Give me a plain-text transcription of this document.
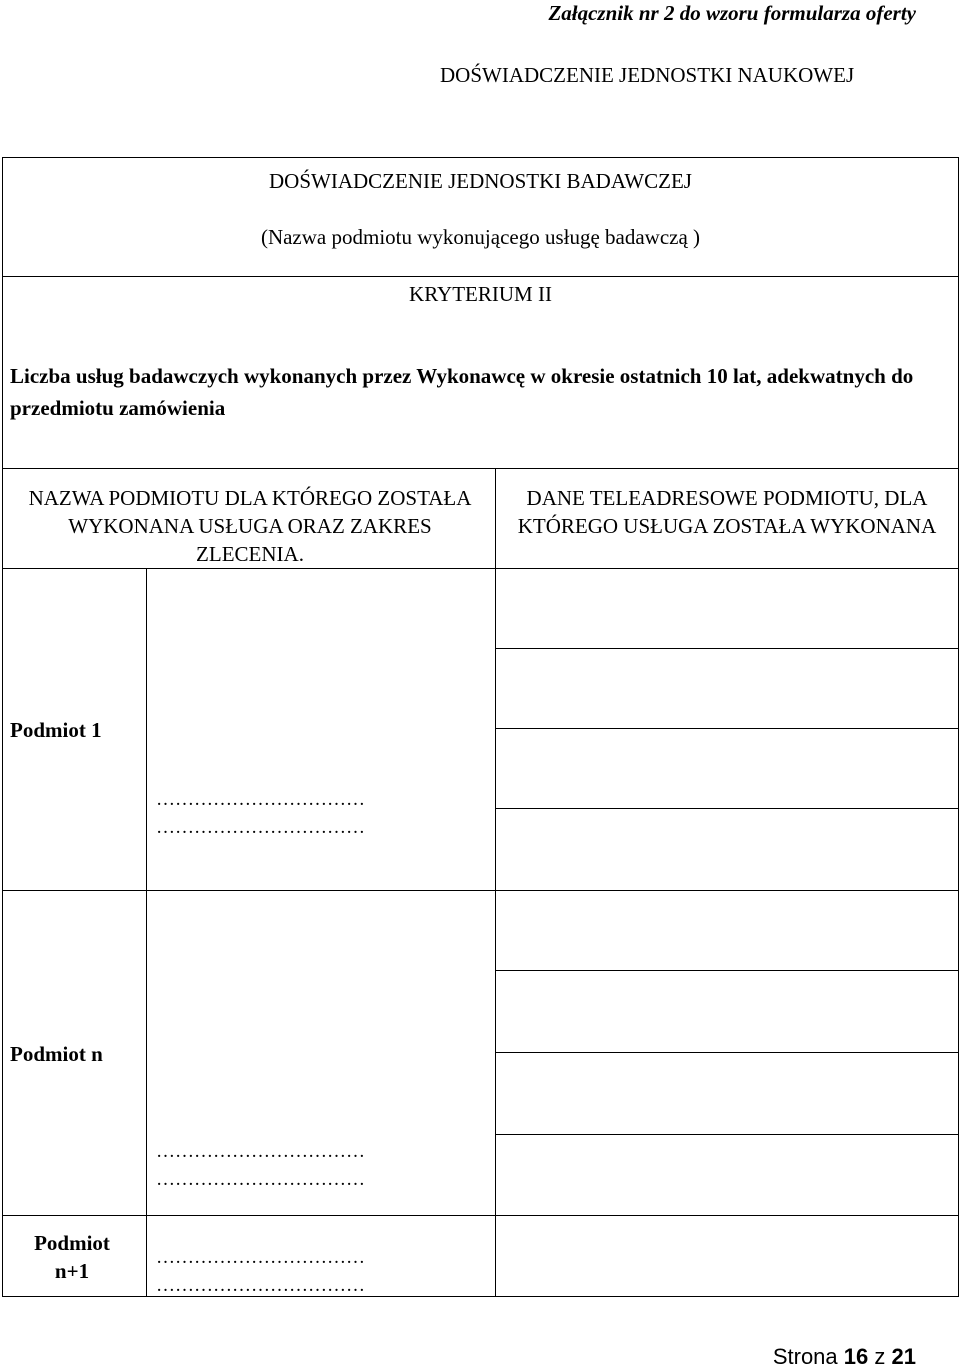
Załącznik nr 2 do wzoru formularza oferty
DOŚWIADCZENIE JEDNOSTKI NAUKOWEJ
DOŚWIADCZENIE JEDNOSTKI BADAWCZEJ
(Nazwa podmiotu wykonującego usługę badawczą )
KRYTERIUM II
Liczba usług badawczych wykonanych przez Wykonawcę w okresie ostatnich 10 lat, adekwatnych do przedmiotu zamówienia
NAZWA PODMIOTU DLA KTÓREGO ZOSTAŁA WYKONANA USŁUGA ORAZ ZAKRES ZLECENIA.
DANE TELEADRESOWE PODMIOTU, DLA KTÓREGO USŁUGA ZOSTAŁA WYKONANA
Podmiot 1
……………………………
……………………………
Podmiot n
……………………………
……………………………
Podmiot n+1
……………………………
……………………………
Strona 16 z 21
